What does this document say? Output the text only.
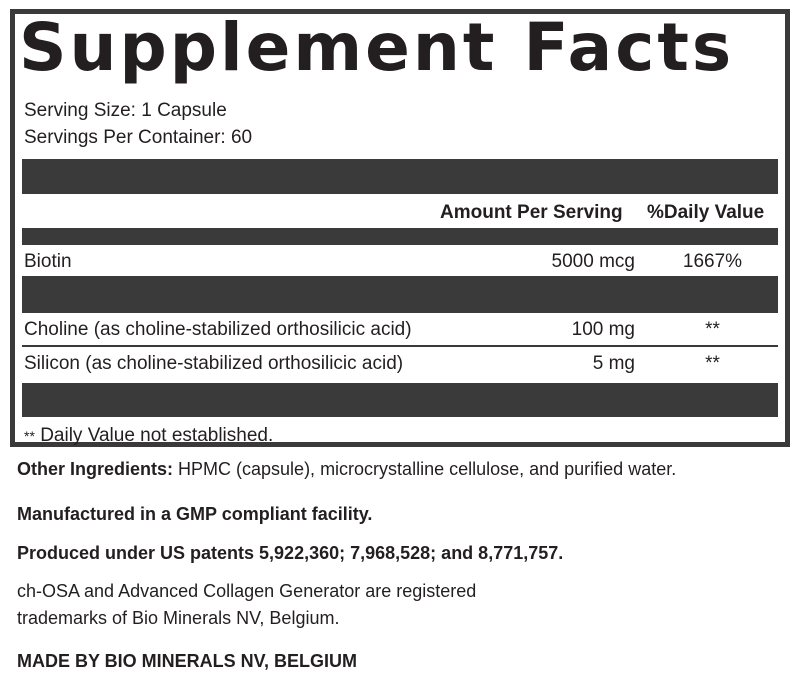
Supplement Facts
Serving Size: 1 Capsule
Servings Per Container: 60
Amount Per Serving %Daily Value
Biotin	5000 mcg	1667%
Choline (as choline-stabilized orthosilicic acid)	100 mg	**
Silicon (as choline-stabilized orthosilicic acid)	5 mg	**
** Daily Value not established.
Other Ingredients: HPMC (capsule), microcrystalline cellulose, and purified water.
Manufactured in a GMP compliant facility.
Produced under US patents 5,922,360; 7,968,528; and 8,771,757.
ch-OSA and Advanced Collagen Generator are registered
trademarks of Bio Minerals NV, Belgium.
MADE BY BIO MINERALS NV, BELGIUM
